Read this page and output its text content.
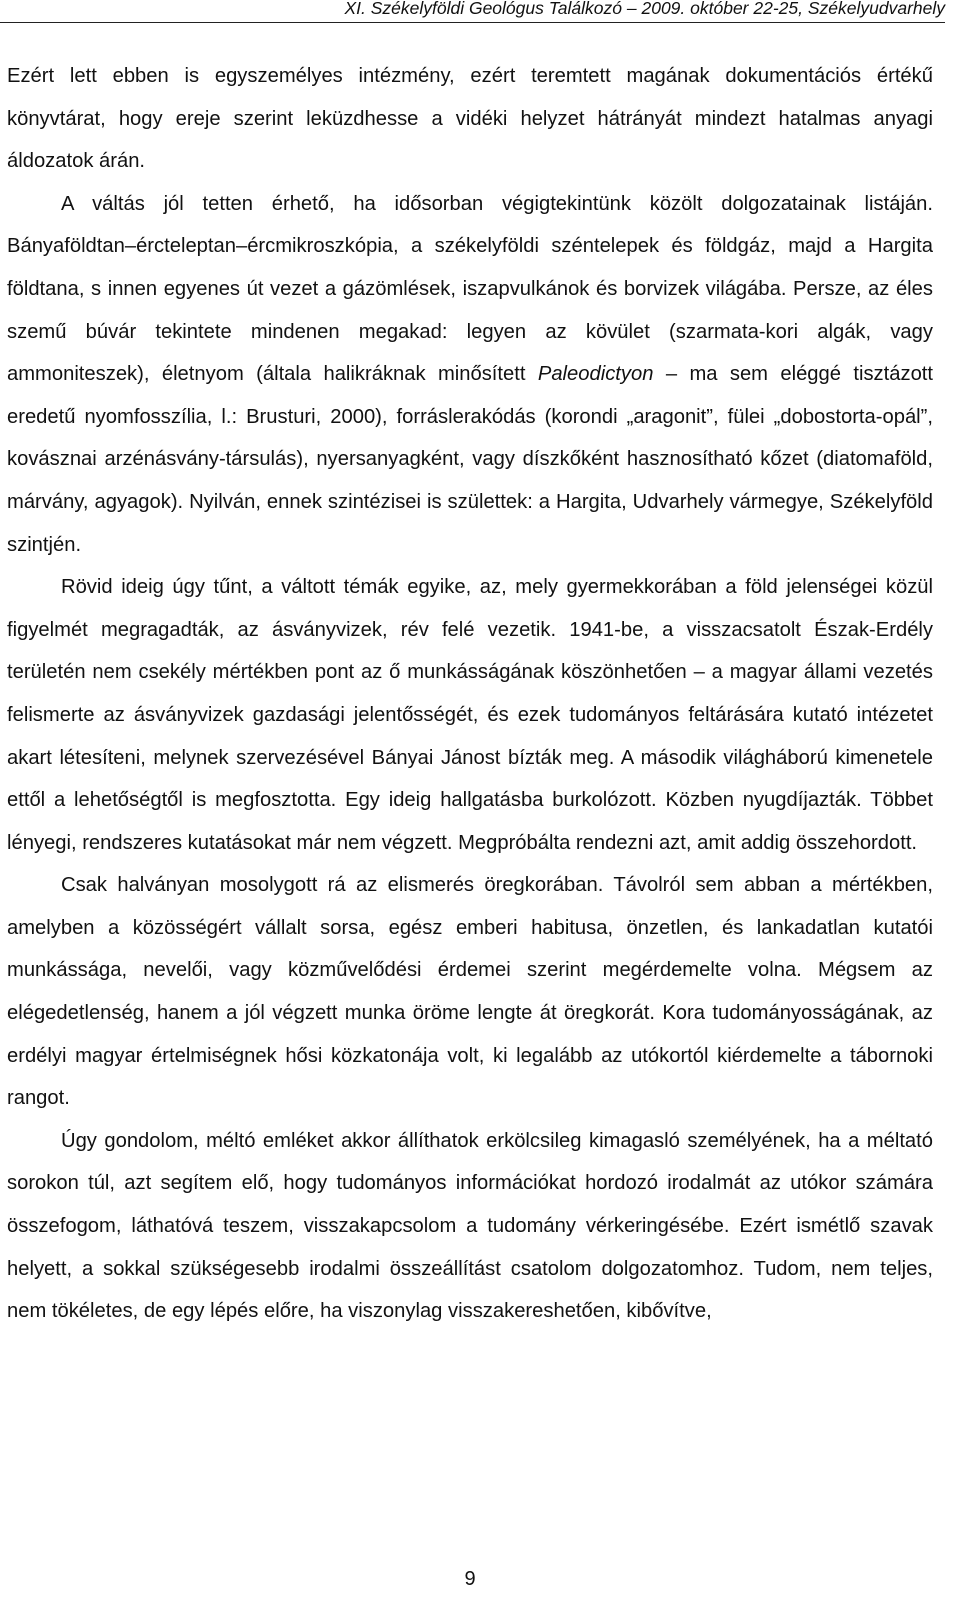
XI. Székelyföldi Geológus Találkozó – 2009. október 22-25, Székelyudvarhely

Ezért lett ebben is egyszemélyes intézmény, ezért teremtett magának dokumentációs értékű könyvtárat, hogy ereje szerint leküzdhesse a vidéki helyzet hátrányát mindezt hatalmas anyagi áldozatok árán.

A váltás jól tetten érhető, ha idősorban végigtekintünk közölt dolgozatainak listáján. Bányaföldtan–ércteleptan–ércmikroszkópia, a székelyföldi széntelepek és földgáz, majd a Hargita földtana, s innen egyenes út vezet a gázömlések, iszapvulkánok és borvizek világába. Persze, az éles szemű búvár tekintete mindenen megakad: legyen az kövület (szarmata-kori algák, vagy ammoniteszek), életnyom (általa halikráknak minősített Paleodictyon – ma sem eléggé tisztázott eredetű nyomfosszília, l.: Brusturi, 2000), forráslerakódás (korondi „aragonit”, fülei „dobostorta-opál”, kovásznai arzénásvány-társulás), nyersanyagként, vagy díszkőként hasznosítható kőzet (diatomaföld, márvány, agyagok). Nyilván, ennek szintézisei is születtek: a Hargita, Udvarhely vármegye, Székelyföld szintjén.

Rövid ideig úgy tűnt, a váltott témák egyike, az, mely gyermekkorában a föld jelenségei közül figyelmét megragadták, az ásványvizek, rév felé vezetik. 1941-be, a visszacsatolt Észak-Erdély területén nem csekély mértékben pont az ő munkásságának köszönhetően – a magyar állami vezetés felismerte az ásványvizek gazdasági jelentősségét, és ezek tudományos feltárására kutató intézetet akart létesíteni, melynek szervezésével Bányai Jánost bízták meg. A második világháború kimenetele ettől a lehetőségtől is megfosztotta. Egy ideig hallgatásba burkolózott. Közben nyugdíjazták. Többet lényegi, rendszeres kutatásokat már nem végzett. Megpróbálta rendezni azt, amit addig összehordott.

Csak halványan mosolygott rá az elismerés öregkorában. Távolról sem abban a mértékben, amelyben a közösségért vállalt sorsa, egész emberi habitusa, önzetlen, és lankadatlan kutatói munkássága, nevelői, vagy közművelődési érdemei szerint megérdemelte volna. Mégsem az elégedetlenség, hanem a jól végzett munka öröme lengte át öregkorát. Kora tudományosságának, az erdélyi magyar értelmiségnek hősi közkatonája volt, ki legalább az utókortól kiérdemelte a tábornoki rangot.

Úgy gondolom, méltó emléket akkor állíthatok erkölcsileg kimagasló személyének, ha a méltató sorokon túl, azt segítem elő, hogy tudományos információkat hordozó irodalmát az utókor számára összefogom, láthatóvá teszem, visszakapcsolom a tudomány vérkeringésébe. Ezért ismétlő szavak helyett, a sokkal szükségesebb irodalmi összeállítást csatolom dolgozatomhoz. Tudom, nem teljes, nem tökéletes, de egy lépés előre, ha viszonylag visszakereshetően, kibővítve,

9
